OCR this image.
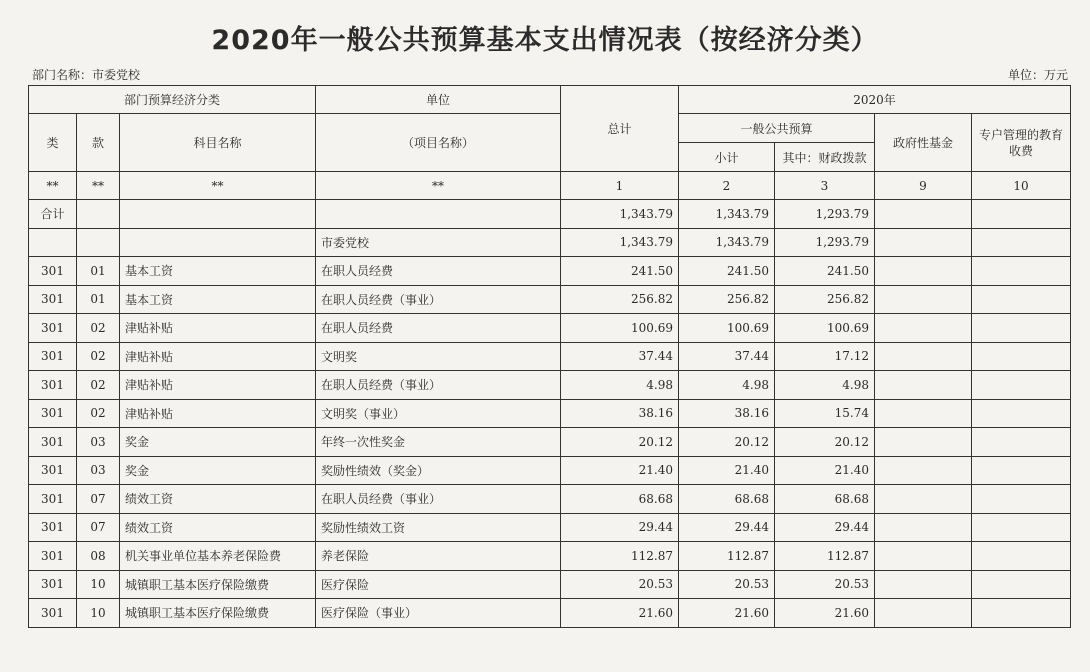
2020年一般公共预算基本支出情况表（按经济分类）
部门名称：市委党校	单位：万元
部门预算经济分类			单位	总计	2020年			
类	款	科目名称	（项目名称）		一般公共预算		政府性基金	专户管理的教育收费
					小计	其中：财政拨款		
**	**	**	**	1	2	3	9	10
合计				1,343.79	1,343.79	1,293.79		
			市委党校	1,343.79	1,343.79	1,293.79		
301	01	基本工资	在职人员经费	241.50	241.50	241.50		
301	01	基本工资	在职人员经费（事业）	256.82	256.82	256.82		
301	02	津贴补贴	在职人员经费	100.69	100.69	100.69		
301	02	津贴补贴	文明奖	37.44	37.44	17.12		
301	02	津贴补贴	在职人员经费（事业）	4.98	4.98	4.98		
301	02	津贴补贴	文明奖（事业）	38.16	38.16	15.74		
301	03	奖金	年终一次性奖金	20.12	20.12	20.12		
301	03	奖金	奖励性绩效（奖金）	21.40	21.40	21.40		
301	07	绩效工资	在职人员经费（事业）	68.68	68.68	68.68		
301	07	绩效工资	奖励性绩效工资	29.44	29.44	29.44		
301	08	机关事业单位基本养老保险费	养老保险	112.87	112.87	112.87		
301	10	城镇职工基本医疗保险缴费	医疗保险	20.53	20.53	20.53		
301	10	城镇职工基本医疗保险缴费	医疗保险（事业）	21.60	21.60	21.60		
